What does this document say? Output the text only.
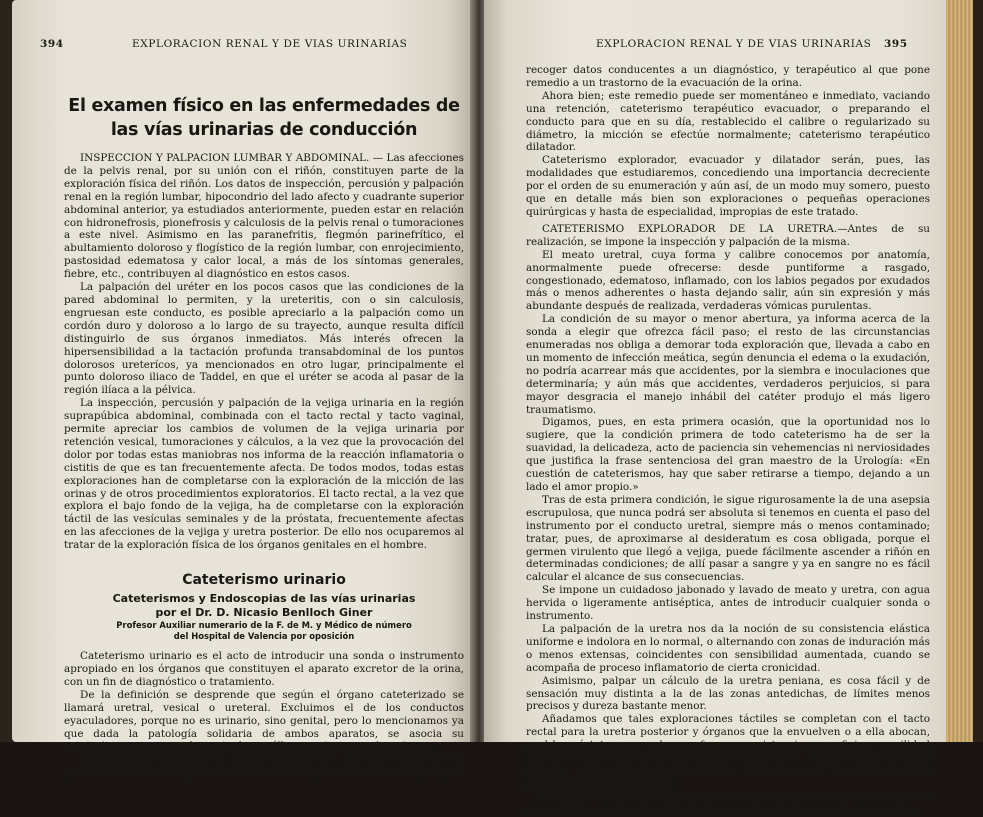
394	EXPLORACION RENAL Y DE VIAS URINARIAS
El examen físico en las enfermedades de las vías urinarias de conducción

INSPECCION Y PALPACION LUMBAR Y ABDOMINAL. — Las afecciones de la pelvis renal, por su unión con el riñón, constituyen parte de la exploración física del riñón. Los datos de inspección, percusión y palpación renal en la región lumbar, hipocondrio del lado afecto y cuadrante superior abdominal anterior, ya estudiados anteriormente, pueden estar en relación con hidronefrosis, pionefrosis y calculosis de la pelvis renal o tumoraciones a este nivel. Asimismo en las paranefritis, flegmón parinefrítico, el abultamiento doloroso y flogístico de la región lumbar, con enrojecimiento, pastosidad edematosa y calor local, a más de los síntomas generales, fiebre, etc., contribuyen al diagnóstico en estos casos.

La palpación del uréter en los pocos casos que las condiciones de la pared abdominal lo permiten, y la ureteritis, con o sin calculosis, engruesan este conducto, es posible apreciarlo a la palpación como un cordón duro y doloroso a lo largo de su trayecto, aunque resulta difícil distinguirlo de sus órganos inmediatos. Más interés ofrecen la hipersensibilidad a la tactación profunda transabdominal de los puntos dolorosos ureterícos, ya mencionados en otro lugar, principalmente el punto doloroso iliaco de Taddel, en que el uréter se acoda al pasar de la región ilíaca a la pélvica.

La inspección, percusión y palpación de la vejiga urinaria en la región suprapúbica abdominal, combinada con el tacto rectal y tacto vaginal, permite apreciar los cambios de volumen de la vejiga urinaria por retención vesical, tumoraciones y cálculos, a la vez que la provocación del dolor por todas estas maniobras nos informa de la reacción inflamatoria o cistitis de que es tan frecuentemente afecta. De todos modos, todas estas exploraciones han de completarse con la exploración de la micción de las orinas y de otros procedimientos exploratorios. El tacto rectal, a la vez que explora el bajo fondo de la vejiga, ha de completarse con la exploración táctil de las vesículas seminales y de la próstata, frecuentemente afectas en las afecciones de la vejiga y uretra posterior. De ello nos ocuparemos al tratar de la exploración física de los órganos genitales en el hombre.

Cateterismo urinario
Cateterismos y Endoscopias de las vías urinarias
por el Dr. D. Nicasio Benlloch Giner
Profesor Auxiliar numerario de la F. de M. y Médico de número
del Hospital de Valencia por oposición

Cateterismo urinario es el acto de introducir una sonda o instrumento apropiado en los órganos que constituyen el aparato excretor de la orina, con un fin de diagnóstico o tratamiento.

De la definición se desprende que según el órgano cateterizado se llamará uretral, vesical o ureteral. Excluimos el de los conductos eyaculadores, porque no es urinario, sino genital, pero lo mencionamos ya que dada la patología solidaria de ambos aparatos, se asocia su cateterismo como complemento de aquéllos, en ciertas exploraciones.

De la misma definición se deduce, igualmente, que por el fin que se practica, se llamará explorador al cateterismo que no tiene otro objeto que

EXPLORACION RENAL Y DE VIAS URINARIAS 395

recoger datos conducentes a un diagnóstico, y terapéutico al que pone remedio a un trastorno de la evacuación de la orina.

Ahora bien; este remedio puede ser momentáneo e inmediato, vaciando una retención, cateterismo terapéutico evacuador, o preparando el conducto para que en su día, restablecido el calibre o regularizado su diámetro, la micción se efectúe normalmente; cateterismo terapéutico dilatador.

Cateterismo explorador, evacuador y dilatador serán, pues, las modalidades que estudiaremos, concediendo una importancia decreciente por el orden de su enumeración y aún así, de un modo muy somero, puesto que en detalle más bien son exploraciones o pequeñas operaciones quirúrgicas y hasta de especialidad, impropias de este tratado.

CATETERISMO EXPLORADOR DE LA URETRA.—Antes de su realización, se impone la inspección y palpación de la misma.

El meato uretral, cuya forma y calibre conocemos por anatomía, anormalmente puede ofrecerse: desde puntiforme a rasgado, congestionado, edematoso, inflamado, con los labios pegados por exudados más o menos adherentes o hasta dejando salir, aún sin expresión y más abundante después de realizada, verdaderas vómicas purulentas.

La condición de su mayor o menor abertura, ya informa acerca de la sonda a elegir que ofrezca fácil paso; el resto de las circunstancias enumeradas nos obliga a demorar toda exploración que, llevada a cabo en un momento de infección meática, según denuncia el edema o la exudación, no podría acarrear más que accidentes, por la siembra e inoculaciones que determinaría; y aún más que accidentes, verdaderos perjuicios, si para mayor desgracia el manejo inhábil del catéter produjo el más ligero traumatismo.

Digamos, pues, en esta primera ocasión, que la oportunidad nos lo sugiere, que la condición primera de todo cateterismo ha de ser la suavidad, la delicadeza, acto de paciencia sin vehemencias ni nerviosidades que justifica la frase sentenciosa del gran maestro de la Urología: «En cuestión de cateterismos, hay que saber retirarse a tiempo, dejando a un lado el amor propio.»

Tras de esta primera condición, le sigue rigurosamente la de una asepsia escrupulosa, que nunca podrá ser absoluta si tenemos en cuenta el paso del instrumento por el conducto uretral, siempre más o menos contaminado; tratar, pues, de aproximarse al desideratum es cosa obligada, porque el germen virulento que llegó a vejiga, puede fácilmente ascender a riñón en determinadas condiciones; de allí pasar a sangre y ya en sangre no es fácil calcular el alcance de sus consecuencias.

Se impone un cuidadoso jabonado y lavado de meato y uretra, con agua hervida o ligeramente antiséptica, antes de introducir cualquier sonda o instrumento.

La palpación de la uretra nos da la noción de su consistencia elástica uniforme e indolora en lo normal, o alternando con zonas de induración más o menos extensas, coincidentes con sensibilidad aumentada, cuando se acompaña de proceso inflamatorio de cierta cronicidad.

Asimismo, palpar un cálculo de la uretra peniana, es cosa fácil y de sensación muy distinta a la de las zonas antedichas, de límites menos precisos y dureza bastante menor.

Añadamos que tales exploraciones táctiles se completan con el tacto rectal para la uretra posterior y órganos que la envuelven o a ella abocan, cual la próstata, cuyo volumen, forma, consistencia, superficie y movilidad son datos que orientan al clínico en su diagnóstico. Casi nos parece ocioso advertir que en la mujer es el tacto vaginal el que sustituye al antes mencionado para el hombre.

Llegamos con ésto, después de estas previas nociones que nos informan acerca de la oportunidad del cateterismo, al modo de ponerlo en práctica.
